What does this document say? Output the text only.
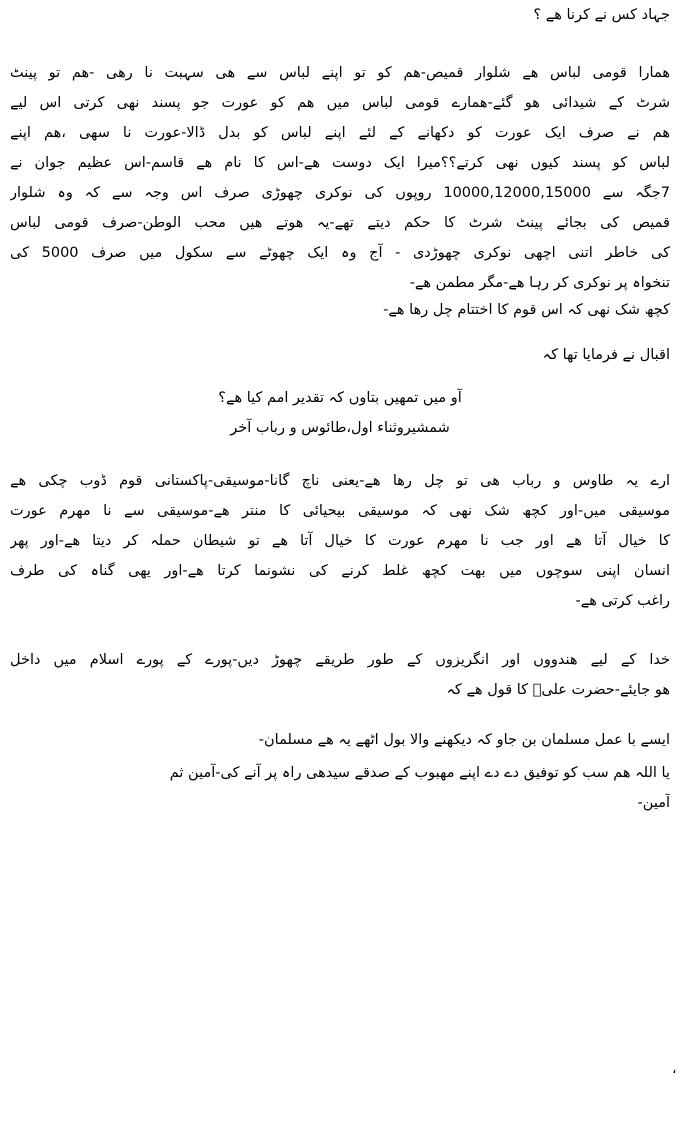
جہاد کس نے کرنا ھے ؟
ھمارا قومی لباس ھے شلوار قمیص-ھم کو تو اپنے لباس سے ھی سہبت نا رھی -ھم تو پینٹ
شرٹ کے شیدائی ھو گئے-ھمارے قومی لباس میں ھم کو عورت جو پسند نھی کرتی اس لیے
ھم نے صرف ایک عورت کو دکھانے کے لئے اپنے لباس کو بدل ڈالا-عورت نا سھی ،ھم اپنے
لباس کو پسند کیوں نھی کرتے؟؟میرا ایک دوست ھے-اس کا نام ھے قاسم-اس عظیم جوان نے
7جگہ سے 10000,12000,15000 روپوں کی نوکری چھوڑی صرف اس وجہ سے کہ وہ شلوار
قمیص کی بجائے پینٹ شرٹ کا حکم دیتے تھے-یہ ھوتے ھیں محب الوطن-صرف قومی لباس
کی خاطر اتنی اچھی نوکری چھوڑدی - آج وہ ایک چھوٹے سے سکول میں صرف 5000 کی
تنخواہ پر نوکری کر رہا ھے-مگر مطمن ھے-
کچھ شک نھی کہ اس قوم کا اختتام چل رھا ھے-
اقبال نے فرمایا تھا کہ
آو میں تمھیں بتاوں کہ تقدیر امم کیا ھے؟
شمشیروثناء اول،طائوس و رباب آخر
ارے یہ طاوس و رباب ھی تو چل رھا ھے-یعنی ناچ گانا-موسیقی-پاکستانی قوم ڈوب چکی ھے
موسیقی میں-اور کچھ شک نھی کہ موسیقی بیحیائی کا منتر ھے-موسیقی سے نا مھرم عورت
کا خیال آتا ھے اور جب نا مھرم عورت کا خیال آتا ھے تو شیطان حملہ کر دیتا ھے-اور پھر
انسان اپنی سوچوں میں بھت کچھ غلط کرنے کی نشونما کرتا ھے-اور یھی گناہ کی طرف
راغب کرتی ھے-
خدا کے لیے ھندووں اور انگریزوں کے طور طریقے چھوڑ دیں-پورے کے پورے اسلام میں داخل
ھو جایئے-حضرت علیؓ کا قول ھے کہ
ایسے با عمل مسلمان بن جاو کہ دیکھنے والا بول اٹھے یہ ھے مسلمان-
یا اللہ ھم سب کو توفیق دے دے اپنے مھبوب کے صدقے سیدھی راہ پر آنے کی-آمین ثم
آمین-
،
